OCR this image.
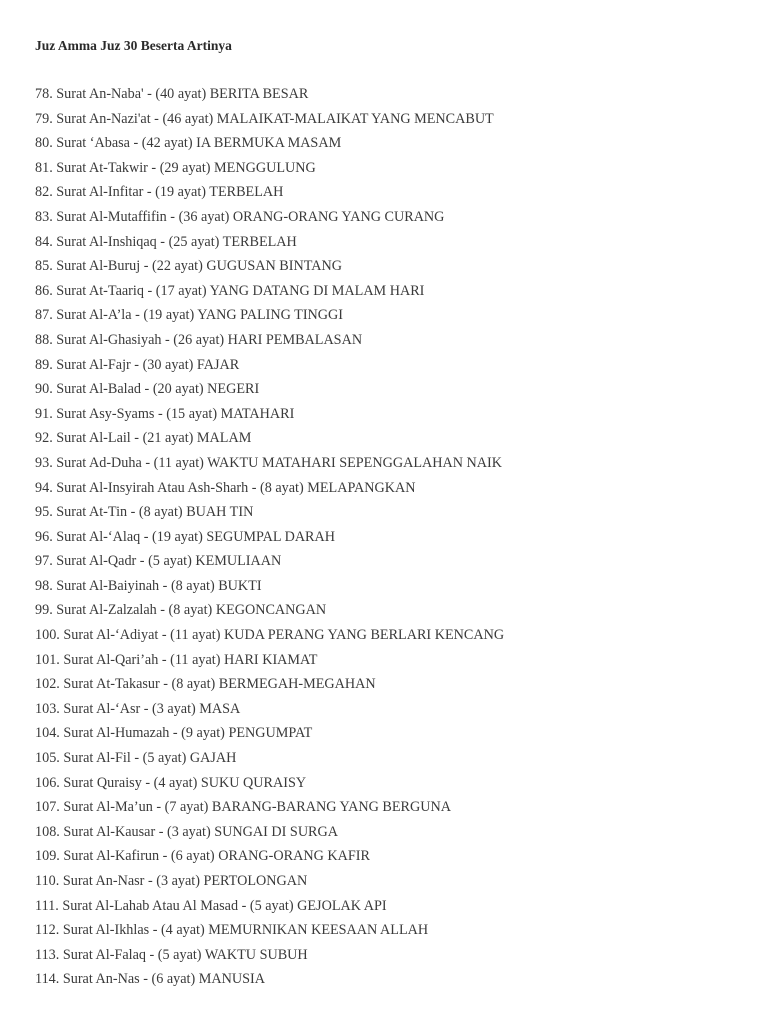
Juz Amma Juz 30 Beserta Artinya
78. Surat An-Naba' - (40 ayat) BERITA BESAR
79. Surat An-Nazi'at - (46 ayat) MALAIKAT-MALAIKAT YANG MENCABUT
80. Surat ‘Abasa - (42 ayat) IA BERMUKA MASAM
81. Surat At-Takwir - (29 ayat) MENGGULUNG
82. Surat Al-Infitar - (19 ayat) TERBELAH
83. Surat Al-Mutaffifin - (36 ayat) ORANG-ORANG YANG CURANG
84. Surat Al-Inshiqaq - (25 ayat) TERBELAH
85. Surat Al-Buruj - (22 ayat) GUGUSAN BINTANG
86. Surat At-Taariq - (17 ayat) YANG DATANG DI MALAM HARI
87. Surat Al-A’la - (19 ayat) YANG PALING TINGGI
88. Surat Al-Ghasiyah - (26 ayat) HARI PEMBALASAN
89. Surat Al-Fajr - (30 ayat) FAJAR
90. Surat Al-Balad - (20 ayat) NEGERI
91. Surat Asy-Syams - (15 ayat) MATAHARI
92. Surat Al-Lail - (21 ayat) MALAM
93. Surat Ad-Duha - (11 ayat) WAKTU MATAHARI SEPENGGALAHAN NAIK
94. Surat Al-Insyirah Atau Ash-Sharh - (8 ayat) MELAPANGKAN
95. Surat At-Tin - (8 ayat) BUAH TIN
96. Surat Al-‘Alaq - (19 ayat) SEGUMPAL DARAH
97. Surat Al-Qadr - (5 ayat) KEMULIAAN
98. Surat Al-Baiyinah - (8 ayat) BUKTI
99. Surat Al-Zalzalah - (8 ayat) KEGONCANGAN
100. Surat Al-‘Adiyat - (11 ayat) KUDA PERANG YANG BERLARI KENCANG
101. Surat Al-Qari’ah - (11 ayat) HARI KIAMAT
102. Surat At-Takasur - (8 ayat) BERMEGAH-MEGAHAN
103. Surat Al-‘Asr - (3 ayat) MASA
104. Surat Al-Humazah - (9 ayat) PENGUMPAT
105. Surat Al-Fil - (5 ayat) GAJAH
106. Surat Quraisy - (4 ayat) SUKU QURAISY
107. Surat Al-Ma’un - (7 ayat) BARANG-BARANG YANG BERGUNA
108. Surat Al-Kausar - (3 ayat) SUNGAI DI SURGA
109. Surat Al-Kafirun - (6 ayat) ORANG-ORANG KAFIR
110. Surat An-Nasr - (3 ayat) PERTOLONGAN
111. Surat Al-Lahab Atau Al Masad - (5 ayat) GEJOLAK API
112. Surat Al-Ikhlas - (4 ayat) MEMURNIKAN KEESAAN ALLAH
113. Surat Al-Falaq - (5 ayat) WAKTU SUBUH
114. Surat An-Nas - (6 ayat) MANUSIA
